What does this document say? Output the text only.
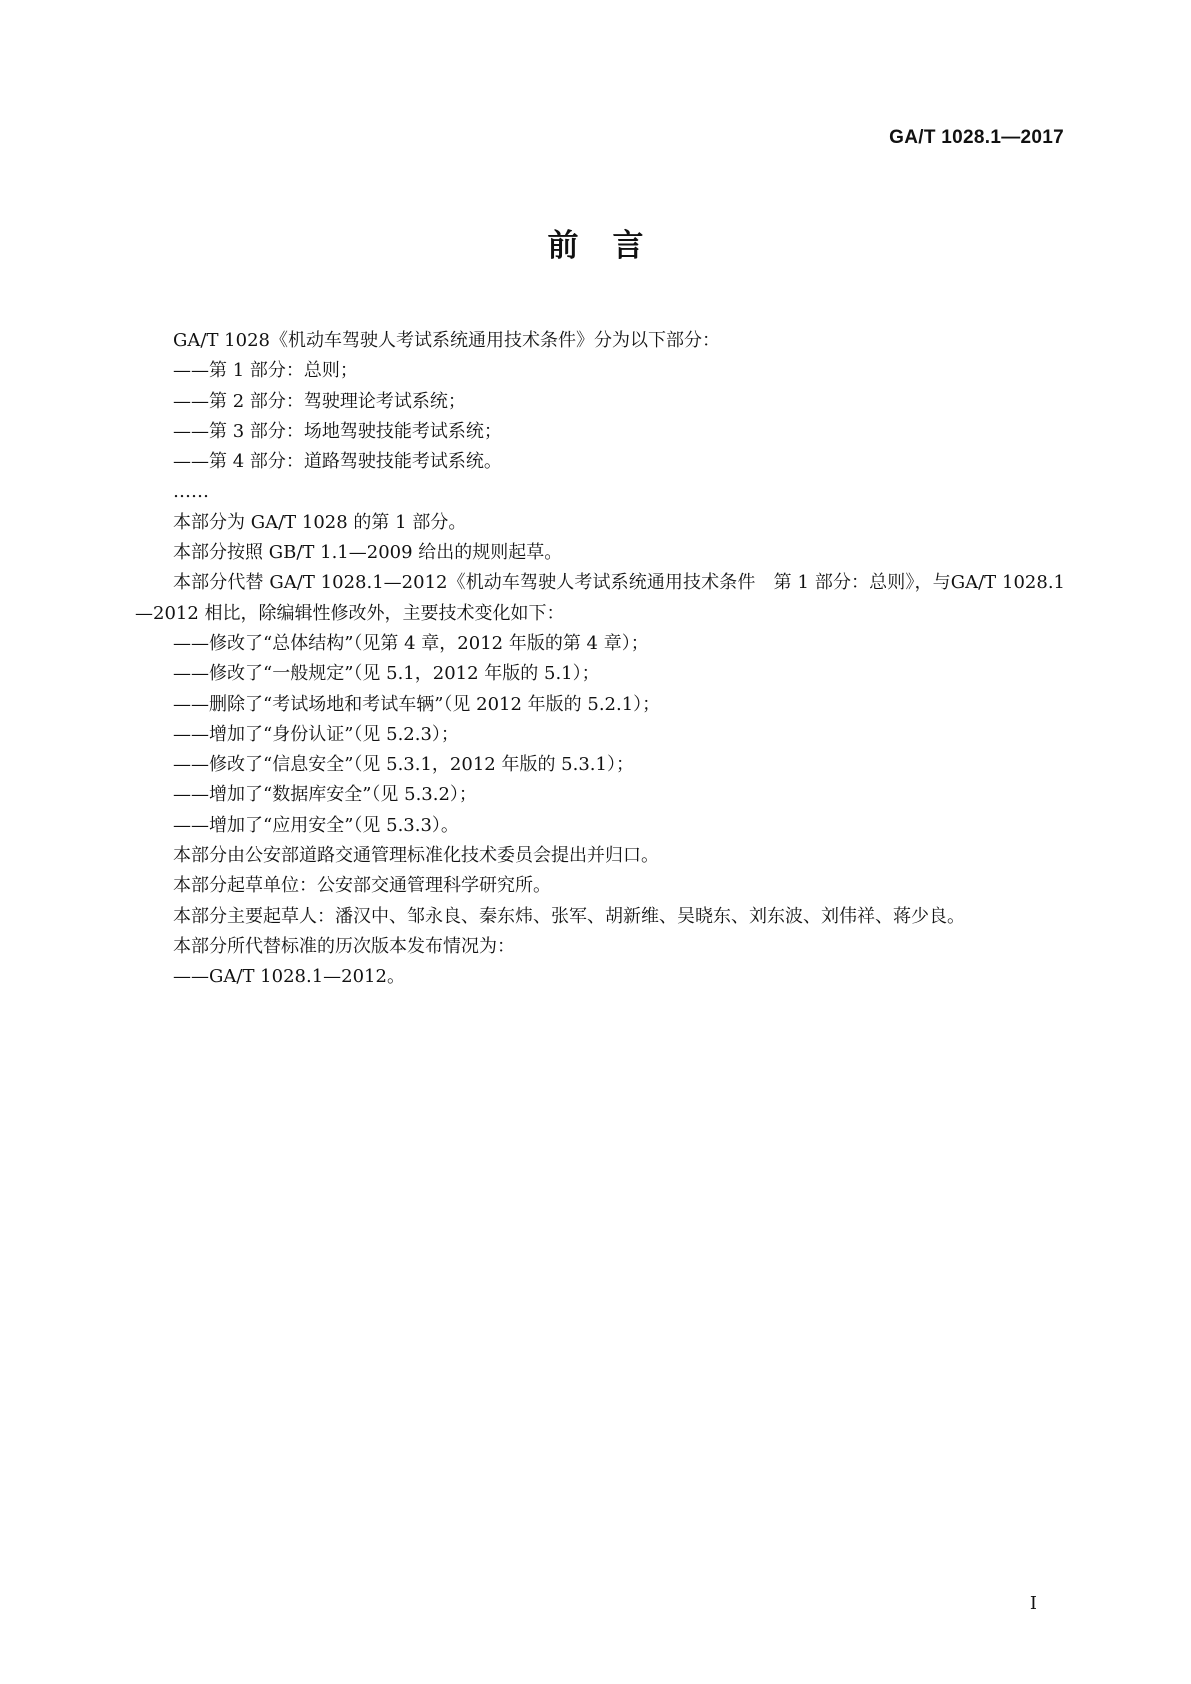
GA/T 1028.1—2017
前言

GA/T 1028《机动车驾驶人考试系统通用技术条件》分为以下部分：

——第 1 部分：总则；

——第 2 部分：驾驶理论考试系统；

——第 3 部分：场地驾驶技能考试系统；

——第 4 部分：道路驾驶技能考试系统。

……

本部分为 GA/T 1028 的第 1 部分。

本部分按照 GB/T 1.1—2009 给出的规则起草。

本部分代替 GA/T 1028.1—2012《机动车驾驶人考试系统通用技术条件　第 1 部分：总则》，与GA/T 1028.1—2012 相比，除编辑性修改外，主要技术变化如下：

——修改了“总体结构”（见第 4 章，2012 年版的第 4 章）；

——修改了“一般规定”（见 5.1，2012 年版的 5.1）；

——删除了“考试场地和考试车辆”（见 2012 年版的 5.2.1）；

——增加了“身份认证”（见 5.2.3）；

——修改了“信息安全”（见 5.3.1，2012 年版的 5.3.1）；

——增加了“数据库安全”（见 5.3.2）；

——增加了“应用安全”（见 5.3.3）。

本部分由公安部道路交通管理标准化技术委员会提出并归口。

本部分起草单位：公安部交通管理科学研究所。

本部分主要起草人：潘汉中、邹永良、秦东炜、张军、胡新维、吴晓东、刘东波、刘伟祥、蒋少良。

本部分所代替标准的历次版本发布情况为：

——GA/T 1028.1—2012。

I
